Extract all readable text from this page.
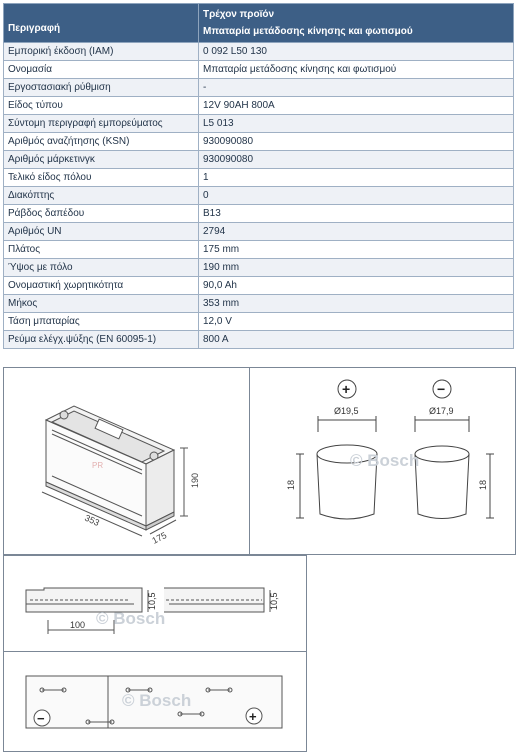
Περιγραφή	Τρέχον προϊόν
Μπαταρία μετάδοσης κίνησης και φωτισμού

Εμπορική έκδοση (IAM)	0 092 L50 130
Ονομασία	Μπαταρία μετάδοσης κίνησης και φωτισμού
Εργοστασιακή ρύθμιση	-
Είδος τύπου	12V 90AH 800A
Σύντομη περιγραφή εμπορεύματος	L5 013
Αριθμός αναζήτησης (KSN)	930090080
Αριθμός μάρκετινγκ	930090080
Τελικό είδος πόλου	1
Διακόπτης	0
Ράβδος δαπέδου	B13
Αριθμός UN	2794
Πλάτος	175 mm
Ύψος με πόλο	190 mm
Ονομαστική χωρητικότητα	90,0 Ah
Μήκος	353 mm
Τάση μπαταρίας	12,0 V
Ρεύμα ελέγχ.ψύξης (EN 60095-1)	800 A
190
353
175
PR
+	−
Ø19,5	Ø17,9
18	18
© Bosch
100
10,5	10,5
© Bosch
−	+
© Bosch
